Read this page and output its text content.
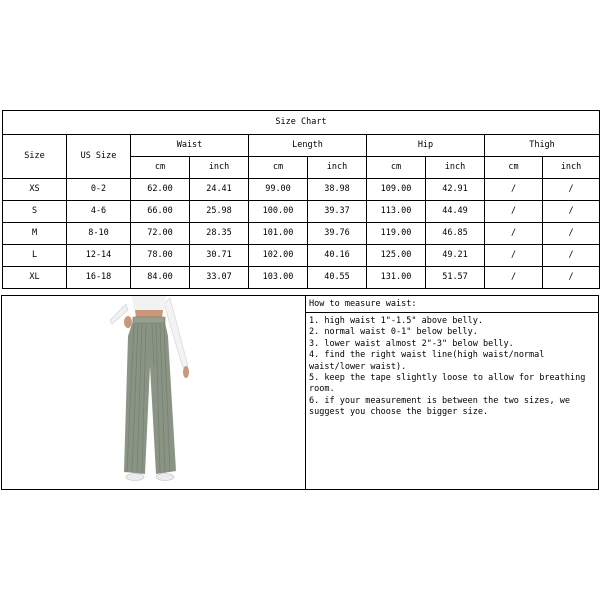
Size Chart									
Size	US Size	Waist		Length		Hip		Thigh	
		cm	inch	cm	inch	cm	inch	cm	inch
XS	0-2	62.00	24.41	99.00	38.98	109.00	42.91	/	/
S	4-6	66.00	25.98	100.00	39.37	113.00	44.49	/	/
M	8-10	72.00	28.35	101.00	39.76	119.00	46.85	/	/
L	12-14	78.00	30.71	102.00	40.16	125.00	49.21	/	/
XL	16-18	84.00	33.07	103.00	40.55	131.00	51.57	/	/
How to measure waist:
1. high waist 1"-1.5" above belly.
2. normal waist 0-1" below belly.
3. lower waist almost 2"-3" below belly.
4. find the right waist line(high waist/normal waist/lower waist).
5. keep the tape slightly loose to allow for breathing room.
6. if your measurement is between the two sizes, we suggest you choose the bigger size.
